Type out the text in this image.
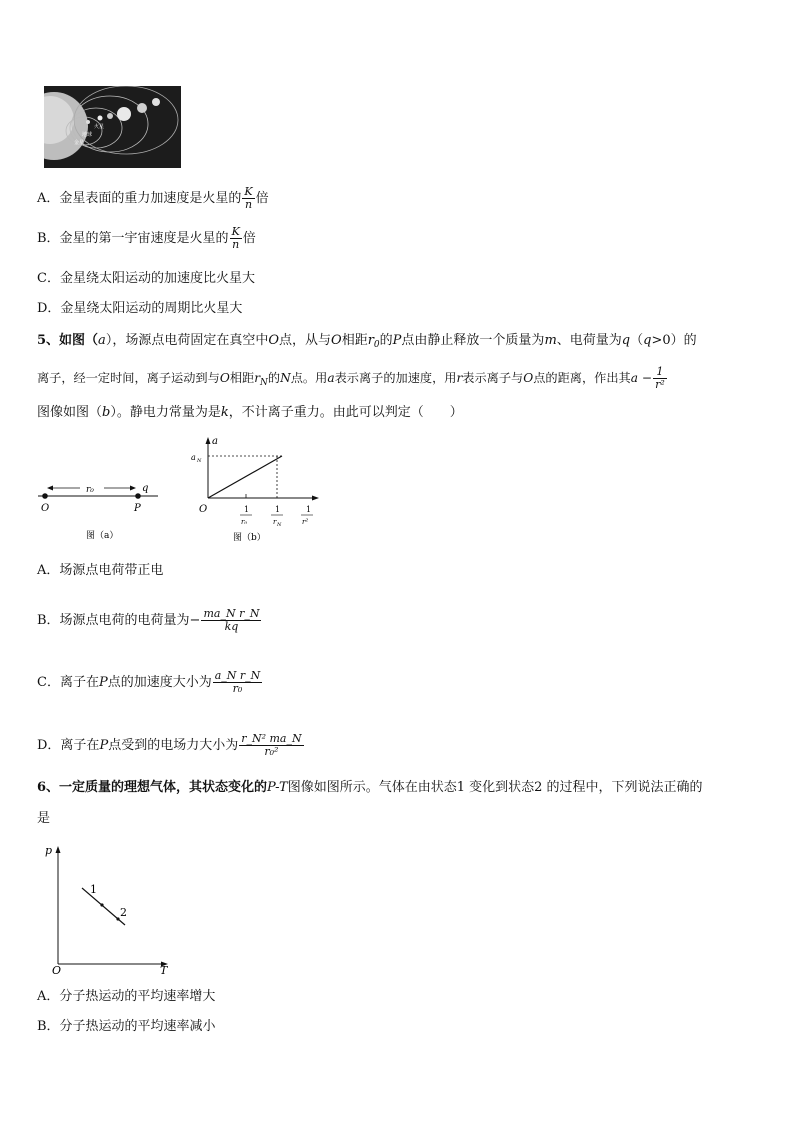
火星
地球
金星
A．金星表面的重力加速度是火星的 $\frac{K}{n}$ 倍
B．金星的第一宇宙速度是火星的 $\frac{K}{n}$ 倍
C．金星绕太阳运动的加速度比火星大
D．金星绕太阳运动的周期比火星大
5、如图（a），场源点电荷固定在真空中O点，从与O相距$r_0$的P点由静止释放一个质量为m、电荷量为q（q>0）的
离子，经一定时间，离子运动到与O相距$r_N$的N点。用a表示离子的加速度，用r表示离子与O点的距离，作出其$a - \frac{1}{\text{r²}}$
图像如图（b）。静电力常量为是k，不计离子重力。由此可以判定（　　）
r₀	q
O	P
图（a）
a
a N
O	1
r₀
1
r N
1
r²
图（b）
A．场源点电荷带正电
B．场源点电荷的电荷量为− $\frac{\text{ma\_N r\_N}}{kq}$
C．离子在P点的加速度大小为 $\frac{\text{a\_N r\_N}}{\text{r₀}}$
D．离子在P点受到的电场力大小为 $\frac{\text{r\_N² ma\_N}}{\text{r₀²}}$
6、一定质量的理想气体，其状态变化的P-T图像如图所示。气体在由状态1 变化到状态2 的过程中，下列说法正确的
是
p
O	T
1
2
A．分子热运动的平均速率增大
B．分子热运动的平均速率减小
